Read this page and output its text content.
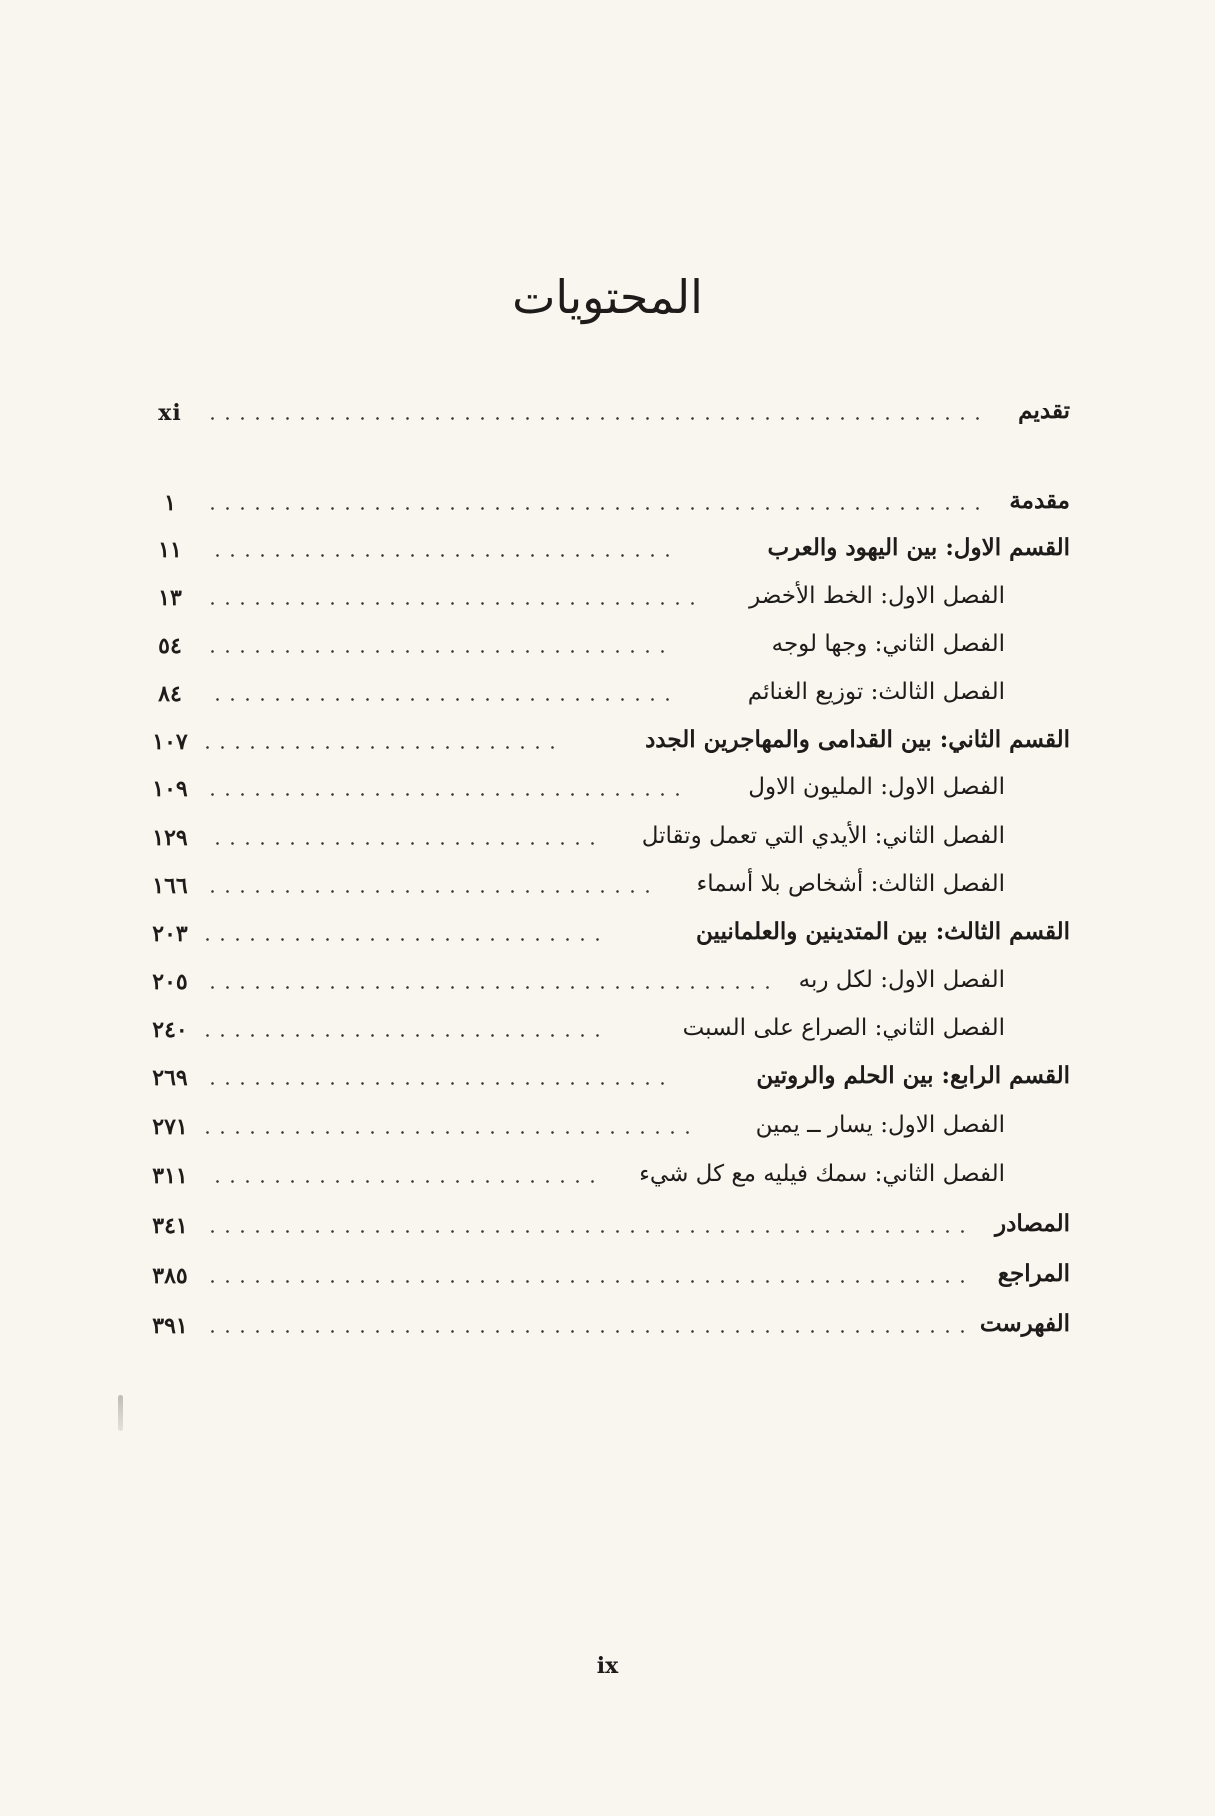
المحتويات
تقديم
xi
مقدمة
١
القسم الاول: بين اليهود والعرب
١١
الفصل الاول: الخط الأخضر
١٣
الفصل الثاني: وجها لوجه
٥٤
الفصل الثالث: توزيع الغنائم
٨٤
القسم الثاني: بين القدامى والمهاجرين الجدد
١٠٧
الفصل الاول: المليون الاول
١٠٩
الفصل الثاني: الأيدي التي تعمل وتقاتل
١٢٩
الفصل الثالث: أشخاص بلا أسماء
١٦٦
القسم الثالث: بين المتدينين والعلمانيين
٢٠٣
الفصل الاول: لكل ربه
٢٠٥
الفصل الثاني: الصراع على السبت
٢٤٠
القسم الرابع: بين الحلم والروتين
٢٦٩
الفصل الاول: يسار ــ يمين
٢٧١
الفصل الثاني: سمك فيليه مع كل شيء
٣١١
المصادر
٣٤١
المراجع
٣٨٥
الفهرست
٣٩١
ix
